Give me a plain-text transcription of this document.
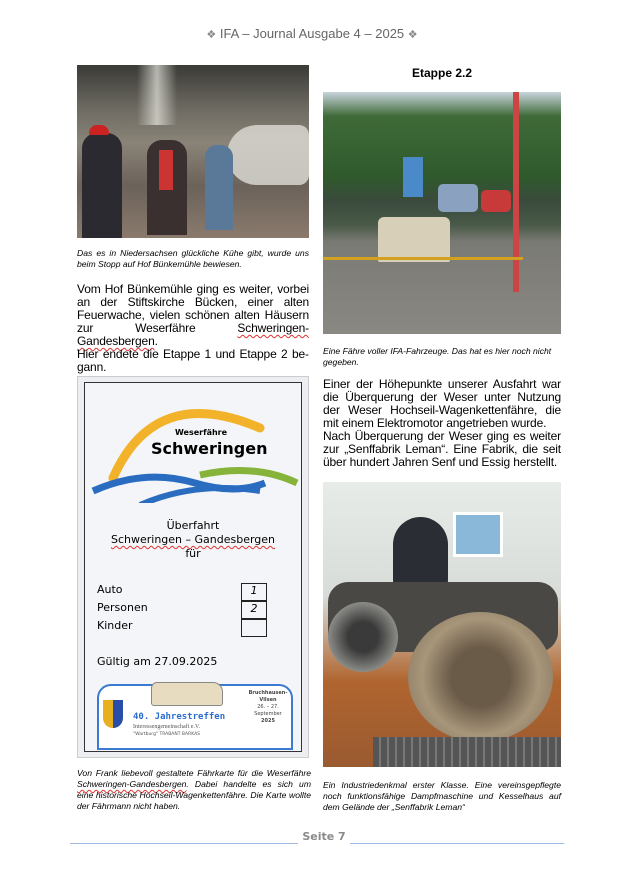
❖ IFA – Journal Ausgabe 4 – 2025 ❖
Das es in Niedersachsen glückliche Kühe gibt, wurde uns beim Stopp auf Hof Bünkemühle bewiesen.
Vom Hof Bünkemühle ging es weiter, vorbei an der Stiftskirche Bücken, einer alten Feuerwache, vielen schönen alten Häusern zur Weserfähre Schweringen-Gandesbergen.
Hier endete die Etappe 1 und Etappe 2 begann.
Weserfähre
Schweringen
Überfahrt
Schweringen – Gandesbergen
für
Auto	1
Personen	2
Kinder
Gültig am 27.09.2025
40. Jahrestreffen
Interessengemeinschaft e.V.
"Wartburg" TRABANT BARKAS
Bruchhausen-Vilsen
26. – 27. September
2025
Von Frank liebevoll gestaltete Fährkarte für die Weserfähre Schweringen-Gandesbergen. Dabei handelte es sich um eine historische Hochseil-Wagenkettenfähre. Die Karte wollte der Fährmann nicht haben.
Etappe 2.2
Eine Fähre voller IFA-Fahrzeuge. Das hat es hier noch nicht gegeben.
Einer der Höhepunkte unserer Ausfahrt war die Überquerung der Weser unter Nutzung der Weser Hochseil-Wagenkettenfähre, die mit einem Elektromotor angetrieben wurde.
Nach Überquerung der Weser ging es weiter zur „Senffabrik Leman“. Eine Fabrik, die seit über hundert Jahren Senf und Essig herstellt.
Ein Industriedenkmal erster Klasse. Eine vereinsgepflegte noch funktionsfähige Dampfmaschine und Kesselhaus auf dem Gelände der „Senffabrik Leman“
Seite 7
